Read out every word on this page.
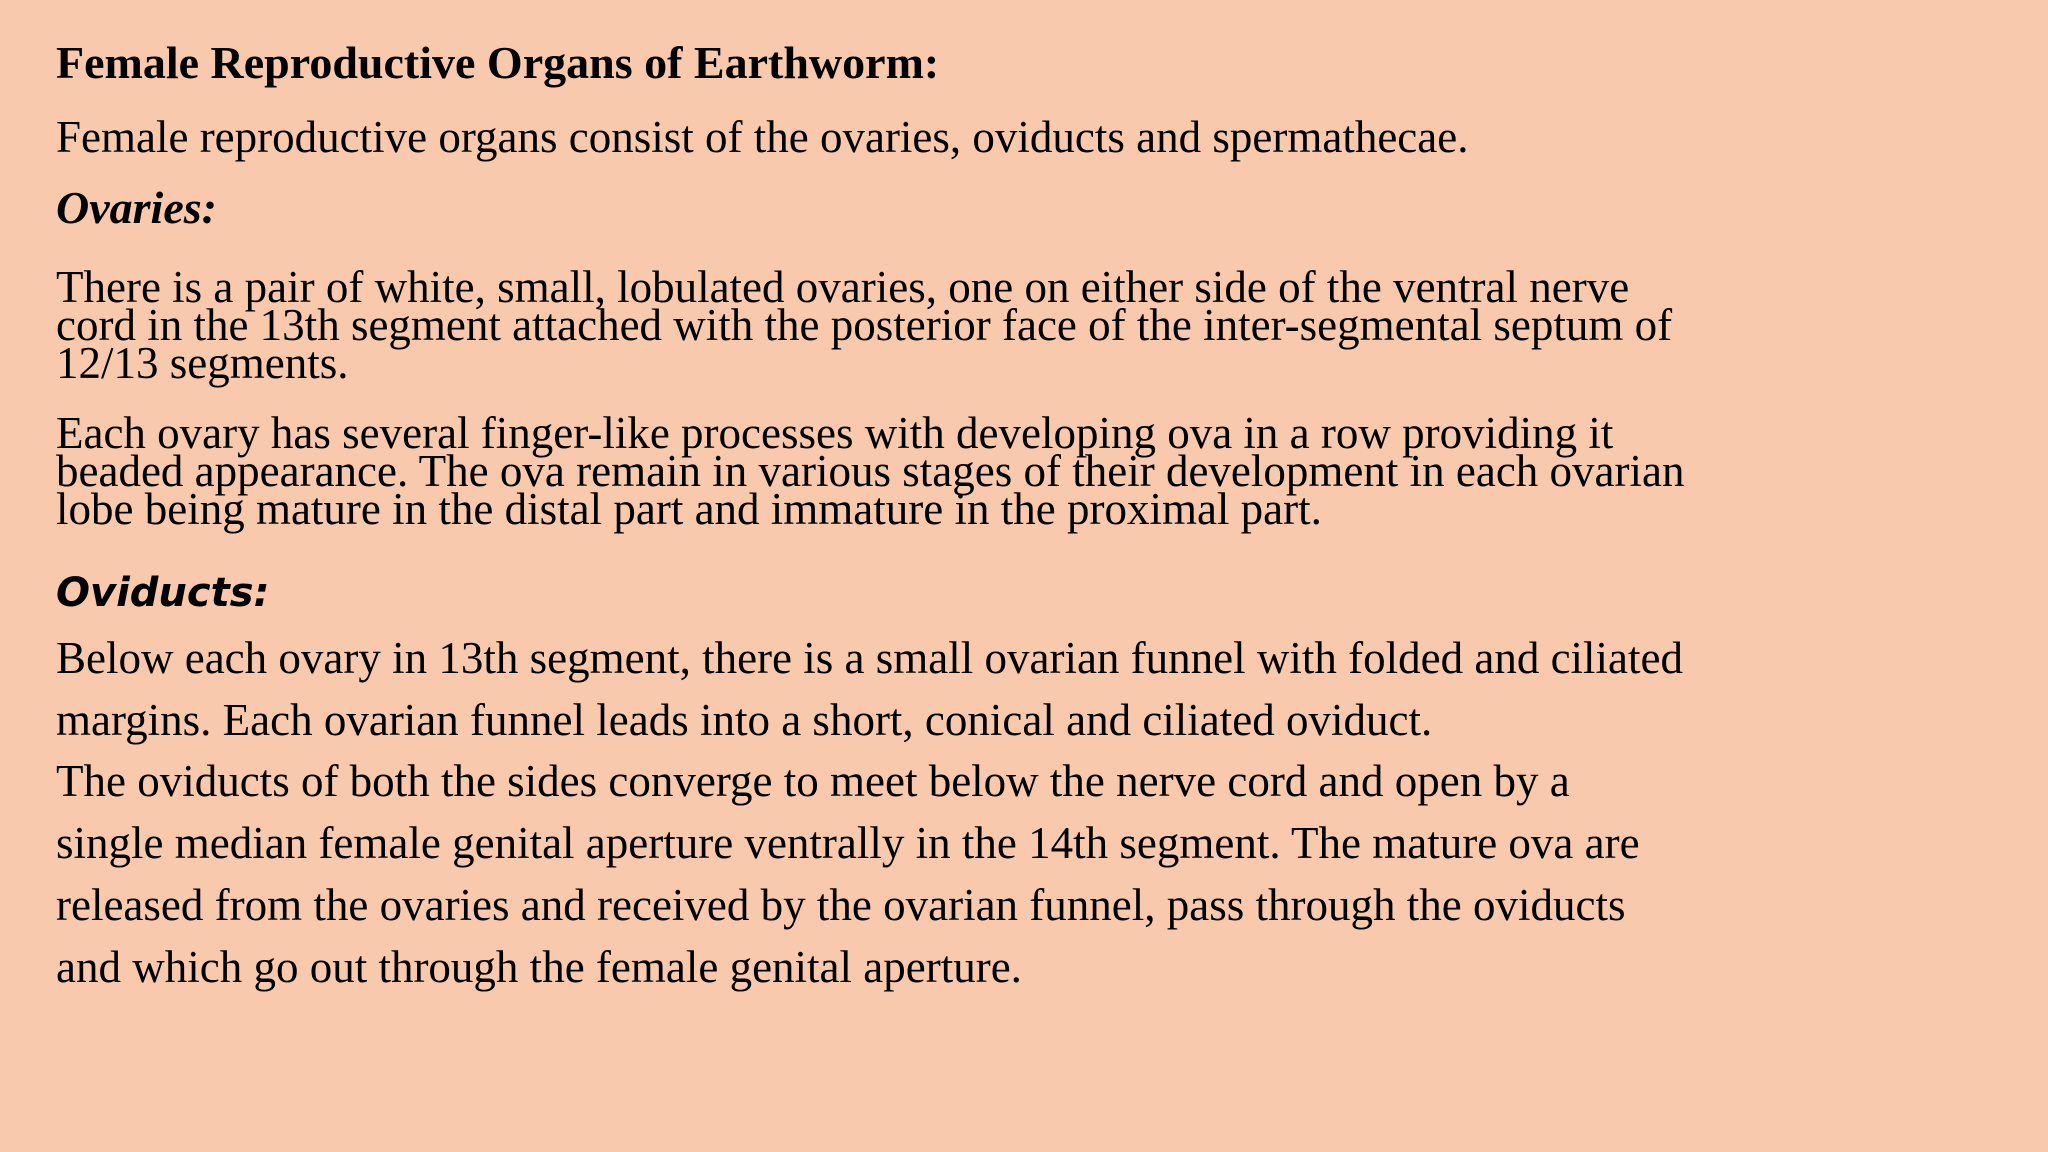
Female Reproductive Organs of Earthworm:

Female reproductive organs consist of the ovaries, oviducts and spermathecae.

Ovaries:

There is a pair of white, small, lobulated ovaries, one on either side of the ventral nerve
cord in the 13th segment attached with the posterior face of the inter-segmental septum of
12/13 segments.

Each ovary has several finger-like processes with developing ova in a row providing it
beaded appearance. The ova remain in various stages of their development in each ovarian
lobe being mature in the distal part and immature in the proximal part.

Oviducts:

Below each ovary in 13th segment, there is a small ovarian funnel with folded and ciliated
margins. Each ovarian funnel leads into a short, conical and ciliated oviduct.
The oviducts of both the sides converge to meet below the nerve cord and open by a
single median female genital aperture ventrally in the 14th segment. The mature ova are
released from the ovaries and received by the ovarian funnel, pass through the oviducts
and which go out through the female genital aperture.
